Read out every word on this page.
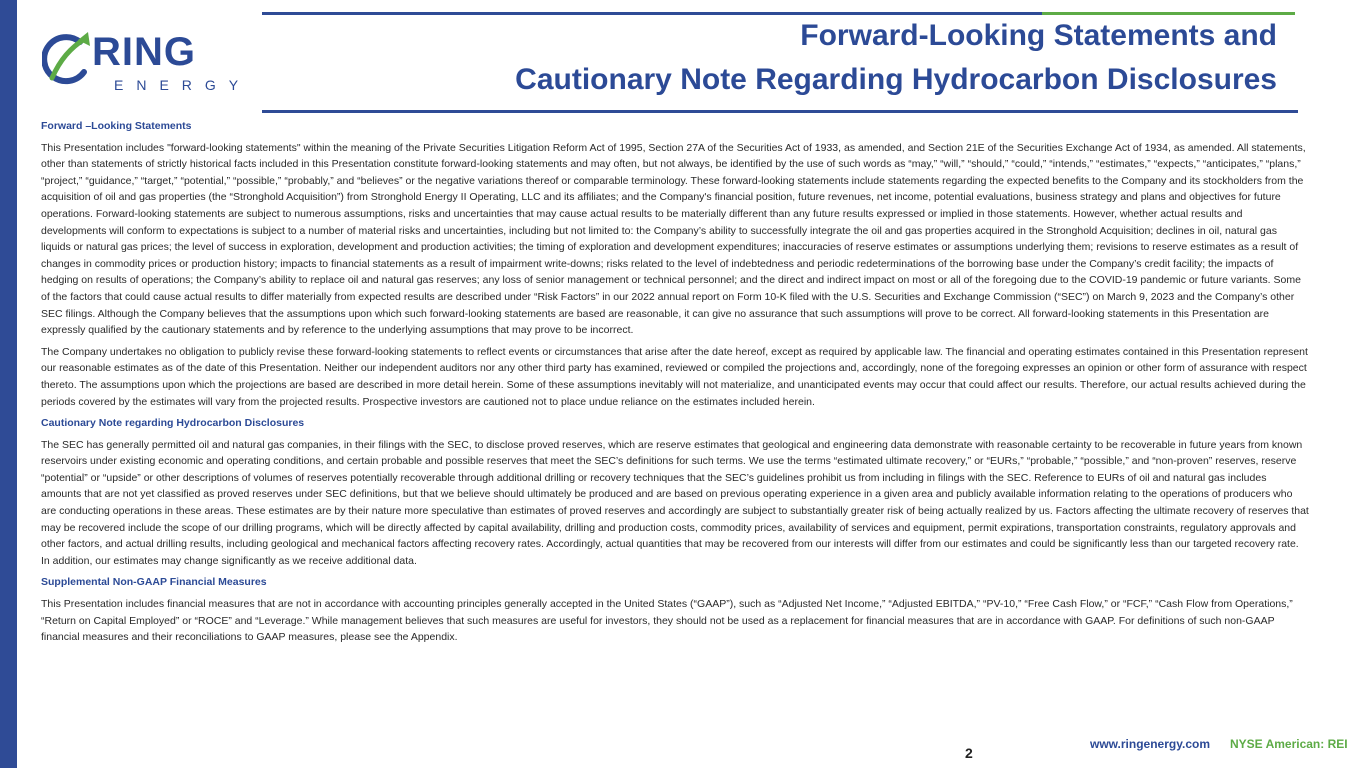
RING
ENERGY
Forward-Looking Statements and
Cautionary Note Regarding Hydrocarbon Disclosures

Forward –Looking Statements

This Presentation includes "forward-looking statements" within the meaning of the Private Securities Litigation Reform Act of 1995, Section 27A of the Securities Act of 1933, as amended, and Section 21E of the Securities Exchange Act of 1934, as amended. All statements, other than statements of strictly historical facts included in this Presentation constitute forward-looking statements and may often, but not always, be identified by the use of such words as “may,” “will,” “should,” “could,” “intends,” “estimates,” “expects,” “anticipates,” “plans,” “project,” “guidance,” “target,” “potential,” “possible,” “probably,” and “believes” or the negative variations thereof or comparable terminology. These forward-looking statements include statements regarding the expected benefits to the Company and its stockholders from the acquisition of oil and gas properties (the “Stronghold Acquisition”) from Stronghold Energy II Operating, LLC and its affiliates; and the Company's financial position, future revenues, net income, potential evaluations, business strategy and plans and objectives for future operations. Forward-looking statements are subject to numerous assumptions, risks and uncertainties that may cause actual results to be materially different than any future results expressed or implied in those statements. However, whether actual results and developments will conform to expectations is subject to a number of material risks and uncertainties, including but not limited to: the Company’s ability to successfully integrate the oil and gas properties acquired in the Stronghold Acquisition; declines in oil, natural gas liquids or natural gas prices; the level of success in exploration, development and production activities; the timing of exploration and development expenditures; inaccuracies of reserve estimates or assumptions underlying them; revisions to reserve estimates as a result of changes in commodity prices or production history; impacts to financial statements as a result of impairment write-downs; risks related to the level of indebtedness and periodic redeterminations of the borrowing base under the Company’s credit facility; the impacts of hedging on results of operations; the Company’s ability to replace oil and natural gas reserves; any loss of senior management or technical personnel; and the direct and indirect impact on most or all of the foregoing due to the COVID-19 pandemic or future variants. Some of the factors that could cause actual results to differ materially from expected results are described under “Risk Factors” in our 2022 annual report on Form 10-K filed with the U.S. Securities and Exchange Commission (“SEC”) on March 9, 2023 and the Company’s other SEC filings. Although the Company believes that the assumptions upon which such forward-looking statements are based are reasonable, it can give no assurance that such assumptions will prove to be correct. All forward-looking statements in this Presentation are expressly qualified by the cautionary statements and by reference to the underlying assumptions that may prove to be incorrect.

The Company undertakes no obligation to publicly revise these forward-looking statements to reflect events or circumstances that arise after the date hereof, except as required by applicable law. The financial and operating estimates contained in this Presentation represent our reasonable estimates as of the date of this Presentation. Neither our independent auditors nor any other third party has examined, reviewed or compiled the projections and, accordingly, none of the foregoing expresses an opinion or other form of assurance with respect thereto. The assumptions upon which the projections are based are described in more detail herein. Some of these assumptions inevitably will not materialize, and unanticipated events may occur that could affect our results. Therefore, our actual results achieved during the periods covered by the estimates will vary from the projected results. Prospective investors are cautioned not to place undue reliance on the estimates included herein.

Cautionary Note regarding Hydrocarbon Disclosures

The SEC has generally permitted oil and natural gas companies, in their filings with the SEC, to disclose proved reserves, which are reserve estimates that geological and engineering data demonstrate with reasonable certainty to be recoverable in future years from known reservoirs under existing economic and operating conditions, and certain probable and possible reserves that meet the SEC’s definitions for such terms. We use the terms “estimated ultimate recovery,” or “EURs,” “probable,” “possible,” and “non-proven” reserves, reserve “potential” or “upside” or other descriptions of volumes of reserves potentially recoverable through additional drilling or recovery techniques that the SEC’s guidelines prohibit us from including in filings with the SEC. Reference to EURs of oil and natural gas includes amounts that are not yet classified as proved reserves under SEC definitions, but that we believe should ultimately be produced and are based on previous operating experience in a given area and publicly available information relating to the operations of producers who are conducting operations in these areas. These estimates are by their nature more speculative than estimates of proved reserves and accordingly are subject to substantially greater risk of being actually realized by us. Factors affecting the ultimate recovery of reserves that may be recovered include the scope of our drilling programs, which will be directly affected by capital availability, drilling and production costs, commodity prices, availability of services and equipment, permit expirations, transportation constraints, regulatory approvals and other factors, and actual drilling results, including geological and mechanical factors affecting recovery rates. Accordingly, actual quantities that may be recovered from our interests will differ from our estimates and could be significantly less than our targeted recovery rate. In addition, our estimates may change significantly as we receive additional data.

Supplemental Non-GAAP Financial Measures

This Presentation includes financial measures that are not in accordance with accounting principles generally accepted in the United States (“GAAP”), such as “Adjusted Net Income,” “Adjusted EBITDA,” “PV-10,” “Free Cash Flow,” or “FCF,” “Cash Flow from Operations,” “Return on Capital Employed” or “ROCE” and “Leverage.” While management believes that such measures are useful for investors, they should not be used as a replacement for financial measures that are in accordance with GAAP. For definitions of such non-GAAP financial measures and their reconciliations to GAAP measures, please see the Appendix.

2
www.ringenergy.com NYSE American: REI
